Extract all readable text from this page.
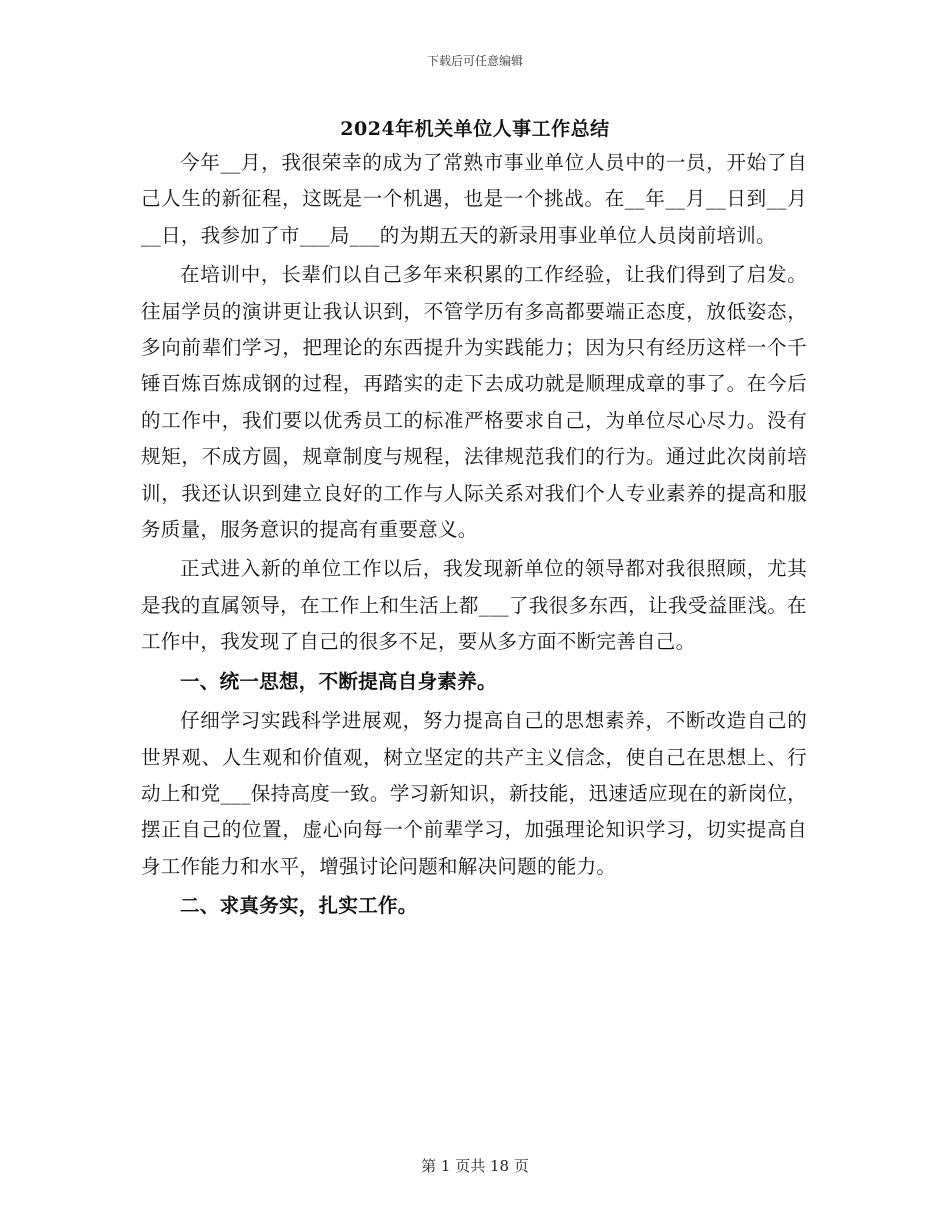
下载后可任意编辑
2024年机关单位人事工作总结

今年__月，我很荣幸的成为了常熟市事业单位人员中的一员，开始了自己人生的新征程，这既是一个机遇，也是一个挑战。在__年__月__日到__月__日，我参加了市___局___的为期五天的新录用事业单位人员岗前培训。

在培训中，长辈们以自己多年来积累的工作经验，让我们得到了启发。往届学员的演讲更让我认识到，不管学历有多高都要端正态度，放低姿态，多向前辈们学习，把理论的东西提升为实践能力；因为只有经历这样一个千锤百炼百炼成钢的过程，再踏实的走下去成功就是顺理成章的事了。在今后的工作中，我们要以优秀员工的标准严格要求自己，为单位尽心尽力。没有规矩，不成方圆，规章制度与规程，法律规范我们的行为。通过此次岗前培训，我还认识到建立良好的工作与人际关系对我们个人专业素养的提高和服务质量，服务意识的提高有重要意义。

正式进入新的单位工作以后，我发现新单位的领导都对我很照顾，尤其是我的直属领导，在工作上和生活上都___了我很多东西，让我受益匪浅。在工作中，我发现了自己的很多不足，要从多方面不断完善自己。

一、统一思想，不断提高自身素养。

仔细学习实践科学进展观，努力提高自己的思想素养，不断改造自己的世界观、人生观和价值观，树立坚定的共产主义信念，使自己在思想上、行动上和党___保持高度一致。学习新知识，新技能，迅速适应现在的新岗位，摆正自己的位置，虚心向每一个前辈学习，加强理论知识学习，切实提高自身工作能力和水平，增强讨论问题和解决问题的能力。

二、求真务实，扎实工作。

第 1 页共 18 页
